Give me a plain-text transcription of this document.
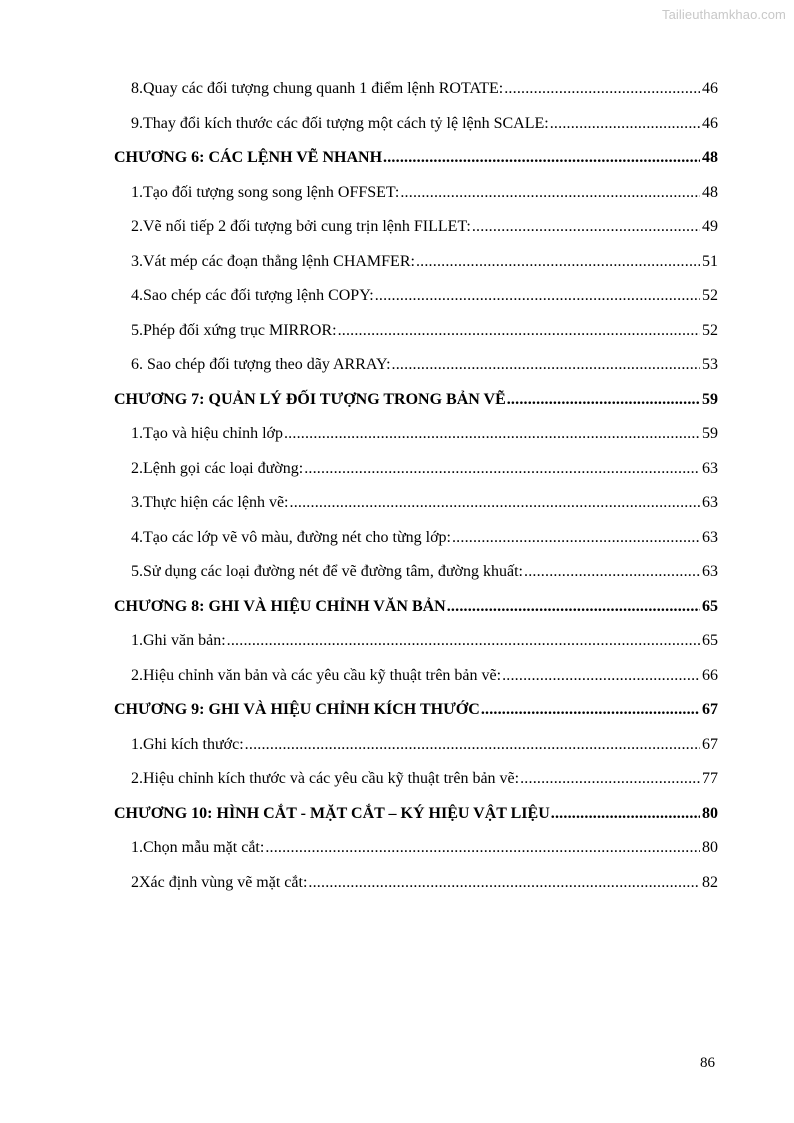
Tailieuthamkhao.com
8.Quay các đối tượng chung quanh 1 điểm lệnh ROTATE: .....	46
9.Thay đổi kích thước các đối tượng một cách tỷ lệ lệnh SCALE: .....	46
CHƯƠNG 6: CÁC LỆNH VẼ NHANH .....	48
1.Tạo đối tượng song song lệnh OFFSET: .....	48
2.Vẽ nối tiếp 2 đối tượng bởi cung trịn lệnh FILLET: .....	49
3.Vát mép các đoạn thẳng lệnh CHAMFER: .....	51
4.Sao chép các đối tượng lệnh COPY: .....	52
5.Phép đối xứng trục MIRROR: .....	52
6. Sao chép đối tượng theo dãy ARRAY: .....	53
CHƯƠNG 7: QUẢN LÝ ĐỐI TƯỢNG TRONG BẢN VẼ .....	59
1.Tạo và hiệu chỉnh lớp .....	59
2.Lệnh gọi các loại đường: .....	63
3.Thực hiện các lệnh vẽ: .....	63
4.Tạo các lớp vẽ vô màu, đường nét cho từng lớp: .....	63
5.Sử dụng các loại đường nét để vẽ đường tâm, đường khuất: .....	63
CHƯƠNG 8: GHI VÀ HIỆU CHỈNH VĂN BẢN .....	65
1.Ghi văn bản: .....	65
2.Hiệu chỉnh văn bản và các yêu cầu kỹ thuật trên bản vẽ: .....	66
CHƯƠNG 9: GHI VÀ HIỆU CHỈNH KÍCH THƯỚC .....	67
1.Ghi kích thước: .....	67
2.Hiệu chỉnh kích thước và các yêu cầu kỹ thuật trên bản vẽ: .....	77
CHƯƠNG 10: HÌNH CẮT - MẶT CẮT – KÝ HIỆU VẬT LIỆU .....	80
1.Chọn mẫu mặt cắt: .....	80
2Xác định vùng vẽ mặt cắt: .....	82
86
